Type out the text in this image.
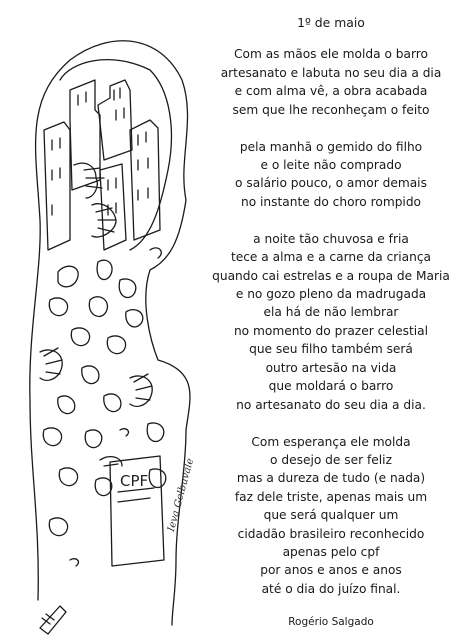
CPF Ieva Gelbuvale
1º de maio
Com as mãos ele molda o barro
artesanato e labuta no seu dia a dia
e com alma vê, a obra acabada
sem que lhe reconheçam o feito
pela manhã o gemido do filho
e o leite não comprado
o salário pouco, o amor demais
no instante do choro rompido
a noite tão chuvosa e fria
tece a alma e a carne da criança
quando cai estrelas e a roupa de Maria
e no gozo pleno da madrugada
ela há de não lembrar
no momento do prazer celestial
que seu filho também será
outro artesão na vida
que moldará o barro
no artesanato do seu dia a dia.
Com esperança ele molda
o desejo de ser feliz
mas a dureza de tudo (e nada)
faz dele triste, apenas mais um
que será qualquer um
cidadão brasileiro reconhecido
apenas pelo cpf
por anos e anos e anos
até o dia do juízo final.
Rogério Salgado
